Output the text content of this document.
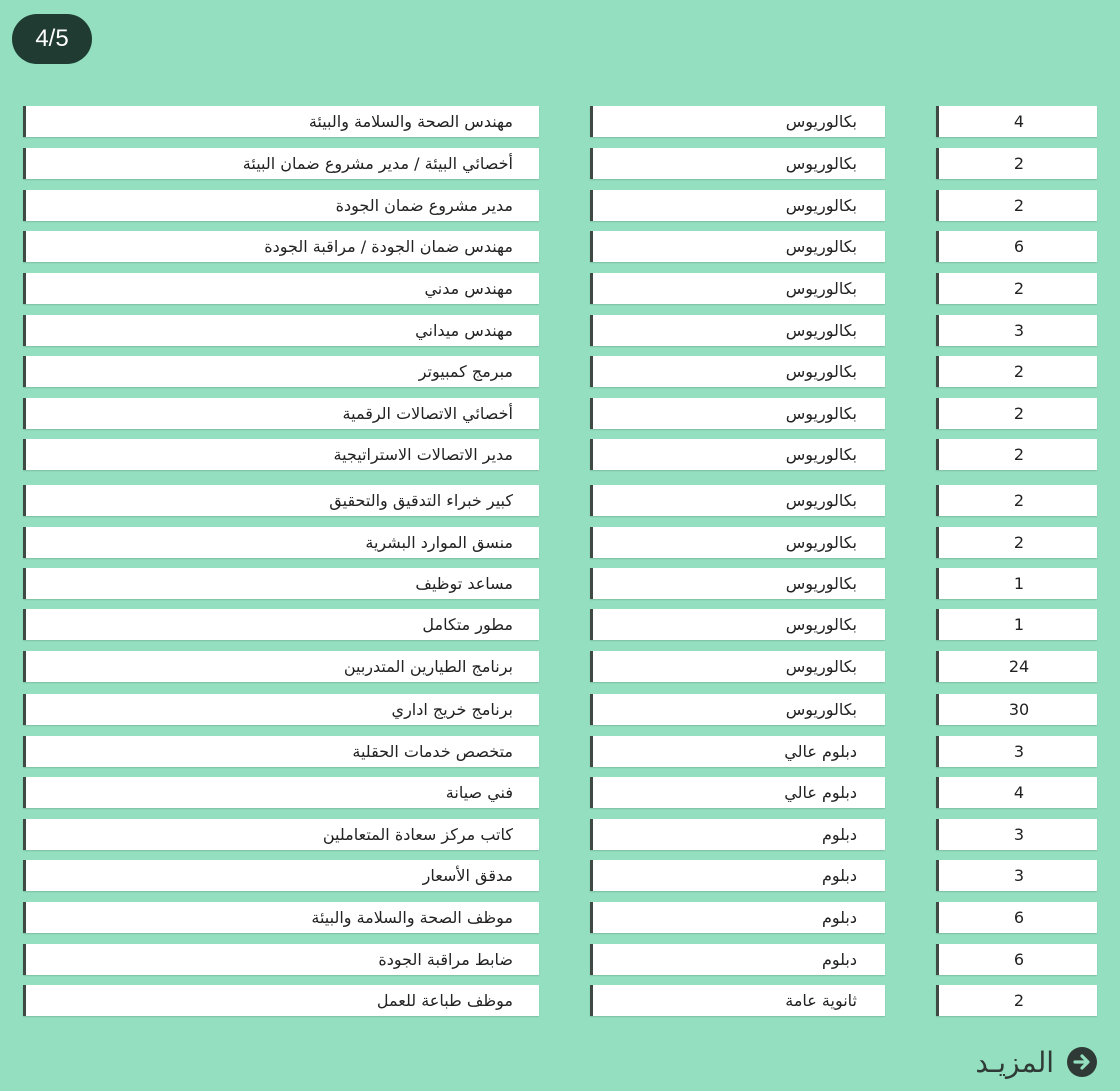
4/5
مهندس الصحة والسلامة والبيئة	بكالوريوس	4
أخصائي البيئة / مدير مشروع ضمان البيئة	بكالوريوس	2
مدير مشروع ضمان الجودة	بكالوريوس	2
مهندس ضمان الجودة / مراقبة الجودة	بكالوريوس	6
مهندس مدني	بكالوريوس	2
مهندس ميداني	بكالوريوس	3
مبرمج كمبيوتر	بكالوريوس	2
أخصائي الاتصالات الرقمية	بكالوريوس	2
مدير الاتصالات الاستراتيجية	بكالوريوس	2
كبير خبراء التدقيق والتحقيق	بكالوريوس	2
منسق الموارد البشرية	بكالوريوس	2
مساعد توظيف	بكالوريوس	1
مطور متكامل	بكالوريوس	1
برنامج الطيارين المتدربين	بكالوريوس	24
برنامج خريج اداري	بكالوريوس	30
متخصص خدمات الحقلية	دبلوم عالي	3
فني صيانة	دبلوم عالي	4
كاتب مركز سعادة المتعاملين	دبلوم	3
مدقق الأسعار	دبلوم	3
موظف الصحة والسلامة والبيئة	دبلوم	6
ضابط مراقبة الجودة	دبلوم	6
موظف طباعة للعمل	ثانوية عامة	2
المزيـد
